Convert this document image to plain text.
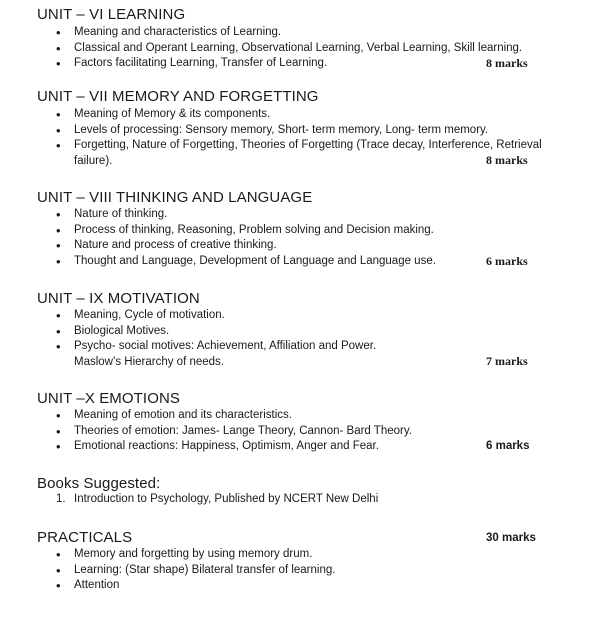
UNIT – VI LEARNING
• Meaning and characteristics of Learning.
• Classical and Operant Learning, Observational Learning, Verbal Learning, Skill learning.
• Factors facilitating Learning, Transfer of Learning.	8 marks
UNIT – VII MEMORY AND FORGETTING
• Meaning of Memory & its components.
• Levels of processing: Sensory memory, Short- term memory, Long- term memory.
• Forgetting, Nature of Forgetting, Theories of Forgetting (Trace decay, Interference, Retrieval
failure).	8 marks
UNIT – VIII THINKING AND LANGUAGE
• Nature of thinking.
• Process of thinking, Reasoning, Problem solving and Decision making.
• Nature and process of creative thinking.
• Thought and Language, Development of Language and Language use.	6 marks
UNIT – IX MOTIVATION
• Meaning, Cycle of motivation.
• Biological Motives.
• Psycho- social motives: Achievement, Affiliation and Power.
Maslow’s Hierarchy of needs.	7 marks
UNIT –X EMOTIONS
• Meaning of emotion and its characteristics.
• Theories of emotion: James- Lange Theory, Cannon- Bard Theory.
• Emotional reactions: Happiness, Optimism, Anger and Fear.	6 marks
Books Suggested:
1. Introduction to Psychology, Published by NCERT New Delhi
PRACTICALS	30 marks
• Memory and forgetting by using memory drum.
• Learning: (Star shape) Bilateral transfer of learning.
• Attention
